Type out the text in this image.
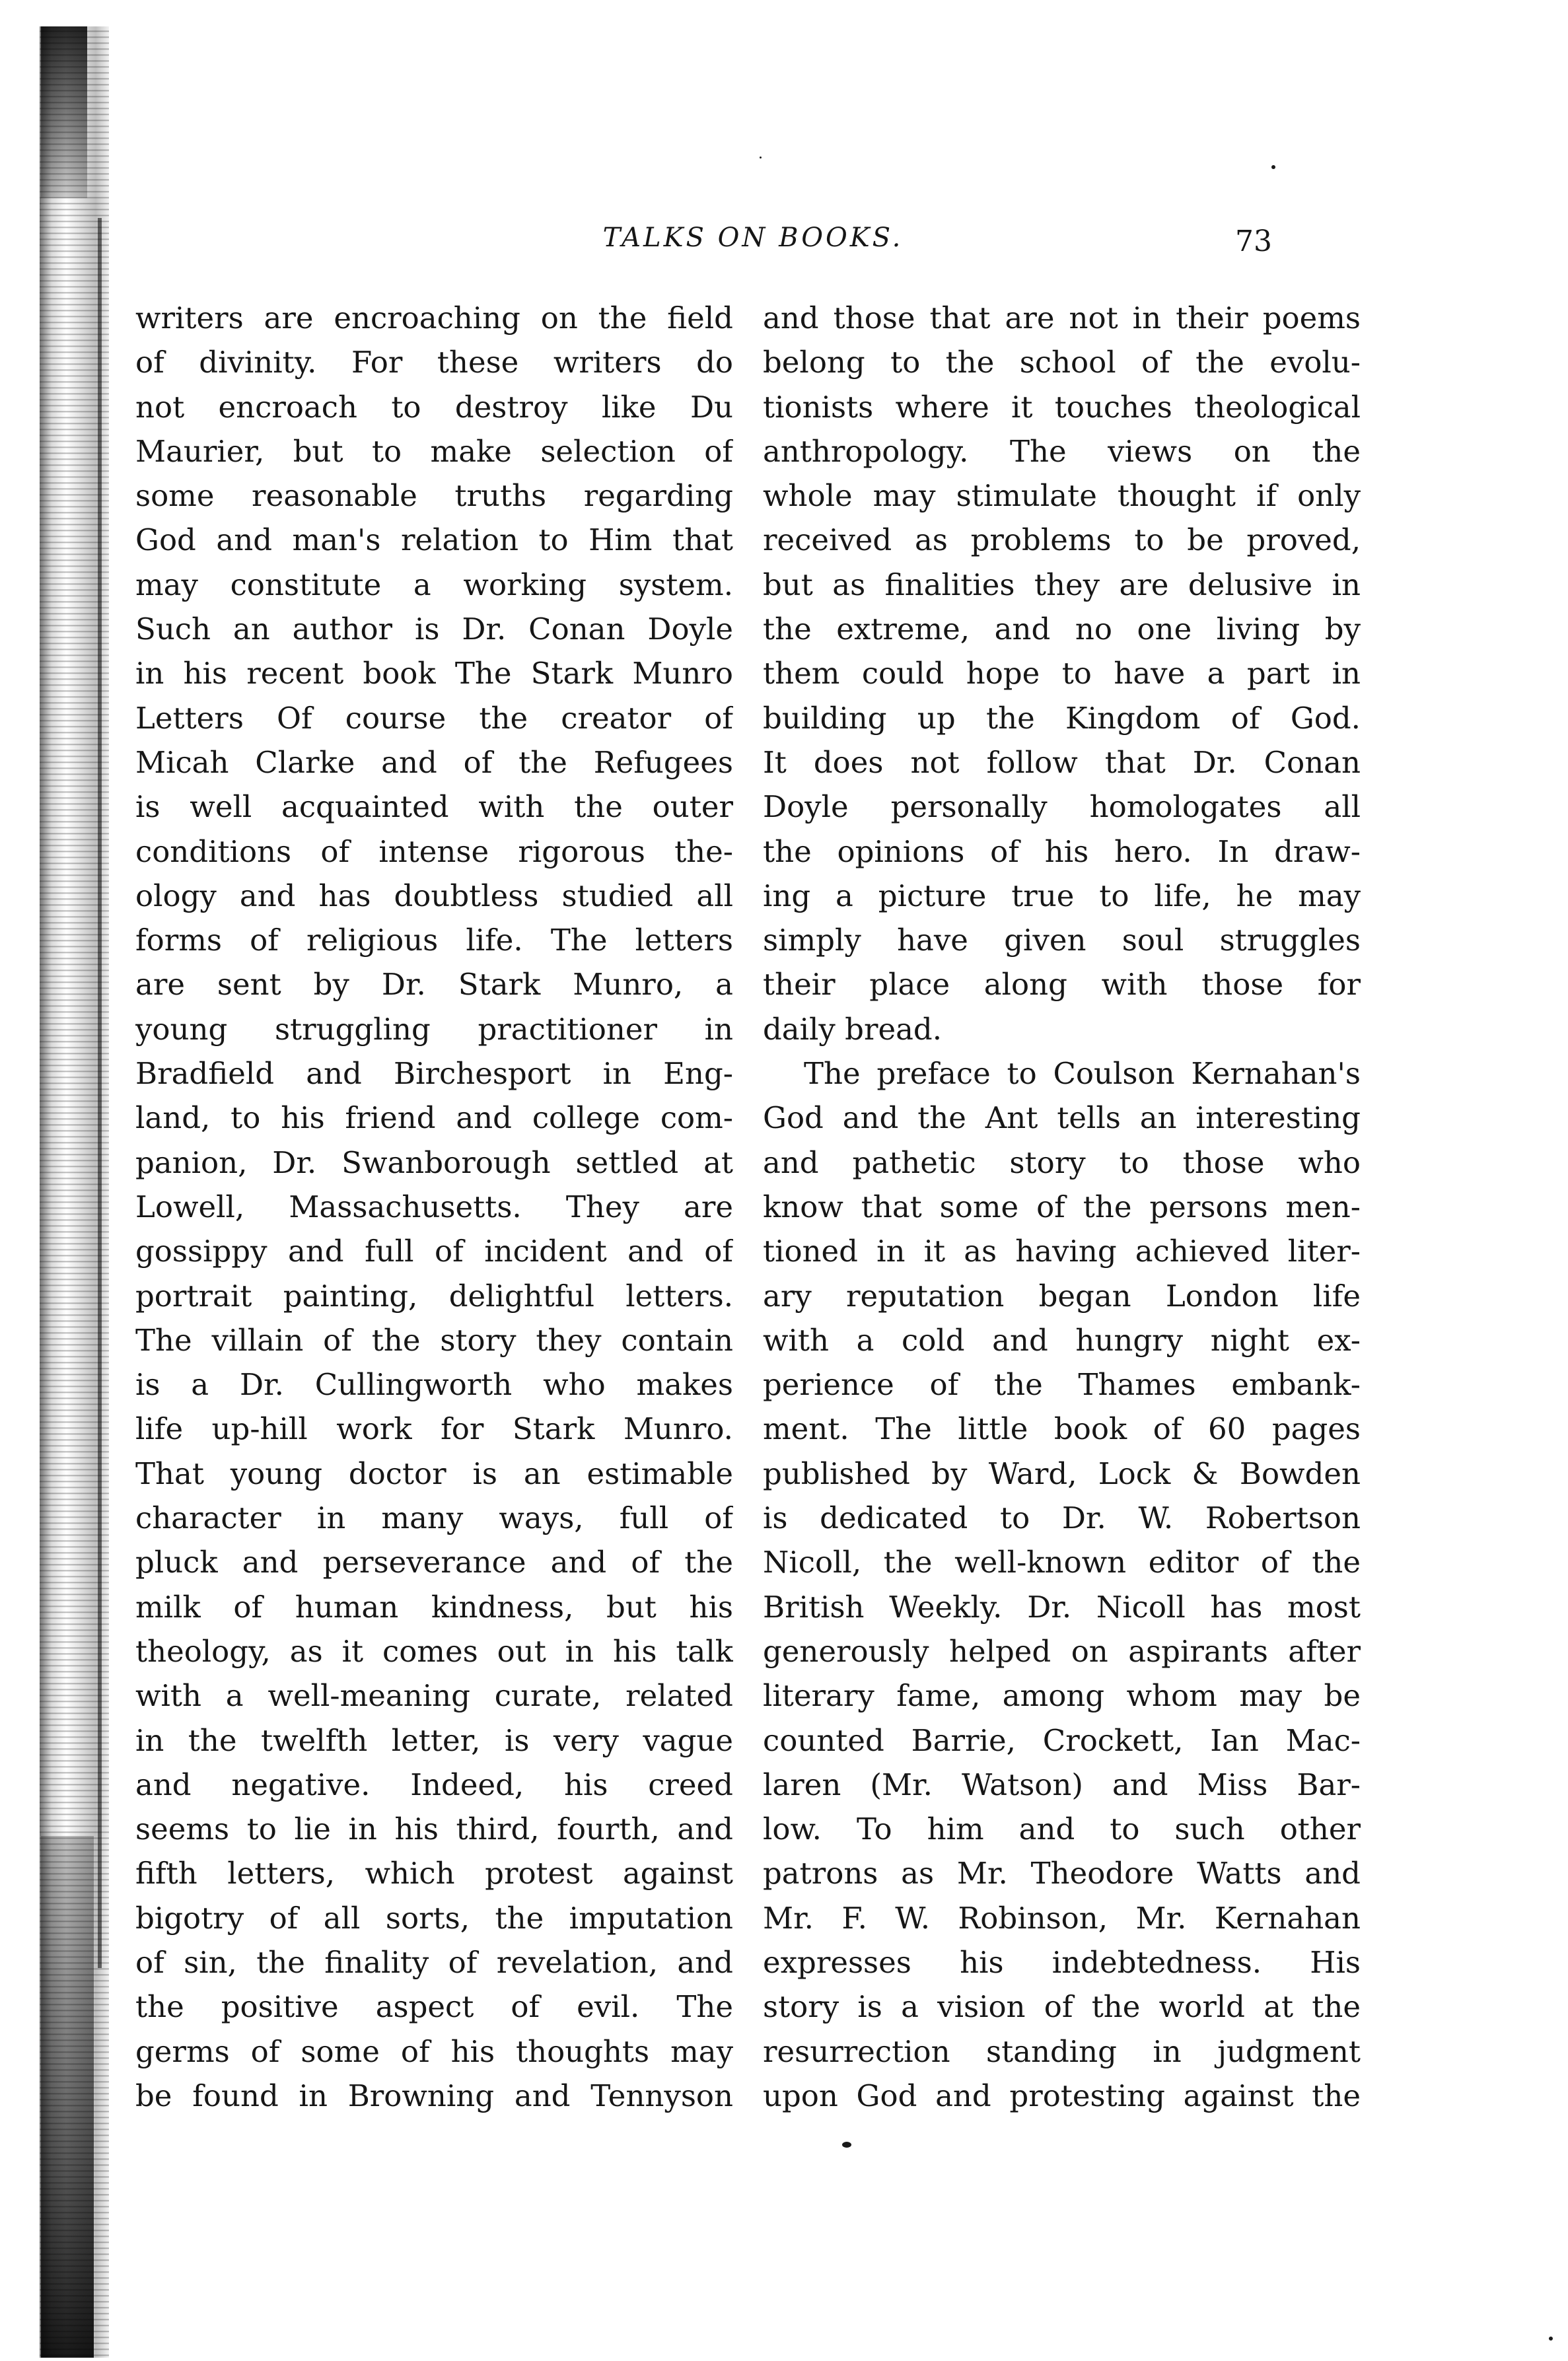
TALKS ON BOOKS.	73
writers are encroaching on the field
of divinity. For these writers do
not encroach to destroy like Du
Maurier, but to make selection of
some reasonable truths regarding
God and man's relation to Him that
may constitute a working system.
Such an author is Dr. Conan Doyle
in his recent book The Stark Munro
Letters Of course the creator of
Micah Clarke and of the Refugees
is well acquainted with the outer
conditions of intense rigorous the-
ology and has doubtless studied all
forms of religious life. The letters
are sent by Dr. Stark Munro, a
young struggling practitioner in
Bradfield and Birchesport in Eng-
land, to his friend and college com-
panion, Dr. Swanborough settled at
Lowell, Massachusetts. They are
gossippy and full of incident and of
portrait painting, delightful letters.
The villain of the story they contain
is a Dr. Cullingworth who makes
life up-hill work for Stark Munro.
That young doctor is an estimable
character in many ways, full of
pluck and perseverance and of the
milk of human kindness, but his
theology, as it comes out in his talk
with a well-meaning curate, related
in the twelfth letter, is very vague
and negative. Indeed, his creed
seems to lie in his third, fourth, and
fifth letters, which protest against
bigotry of all sorts, the imputation
of sin, the finality of revelation, and
the positive aspect of evil. The
germs of some of his thoughts may
be found in Browning and Tennyson
and those that are not in their poems
belong to the school of the evolu-
tionists where it touches theological
anthropology. The views on the
whole may stimulate thought if only
received as problems to be proved,
but as finalities they are delusive in
the extreme, and no one living by
them could hope to have a part in
building up the Kingdom of God.
It does not follow that Dr. Conan
Doyle personally homologates all
the opinions of his hero. In draw-
ing a picture true to life, he may
simply have given soul struggles
their place along with those for
daily bread.
The preface to Coulson Kernahan's
God and the Ant tells an interesting
and pathetic story to those who
know that some of the persons men-
tioned in it as having achieved liter-
ary reputation began London life
with a cold and hungry night ex-
perience of the Thames embank-
ment. The little book of 60 pages
published by Ward, Lock & Bowden
is dedicated to Dr. W. Robertson
Nicoll, the well-known editor of the
British Weekly. Dr. Nicoll has most
generously helped on aspirants after
literary fame, among whom may be
counted Barrie, Crockett, Ian Mac-
laren (Mr. Watson) and Miss Bar-
low. To him and to such other
patrons as Mr. Theodore Watts and
Mr. F. W. Robinson, Mr. Kernahan
expresses his indebtedness. His
story is a vision of the world at the
resurrection standing in judgment
upon God and protesting against the
